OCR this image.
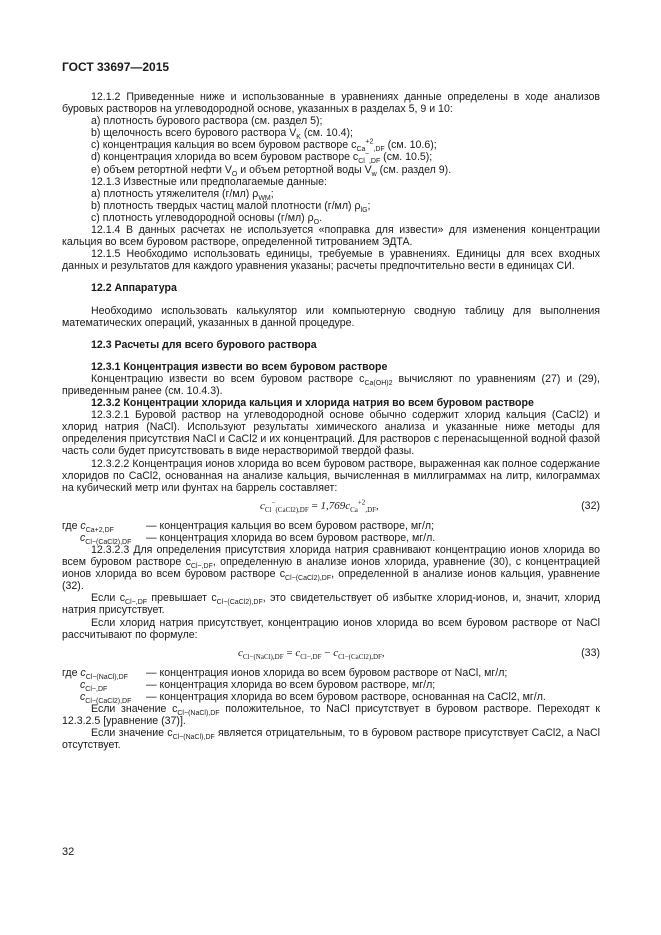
ГОСТ 33697—2015

12.1.2 Приведенные ниже и использованные в уравнениях данные определены в ходе анализов буровых растворов на углеводородной основе, указанных в разделах 5, 9 и 10:

a) плотность бурового раствора (см. раздел 5);

b) щелочность всего бурового раствора $V_K$ (см. 10.4);

c) концентрация кальция во всем буровом растворе $c_{Ca}^{+2}_{,DF}$ (см. 10.6);

d) концентрация хлорида во всем буровом растворе $c_{Cl}^-_{,DF}$ (см. 10.5);

e) объем ретортной нефти $V_O$ и объем ретортной воды $V_w$ (см. раздел 9).

12.1.3 Известные или предполагаемые данные:

a) плотность утяжелителя (г/мл) $\rho_{WM}$;

b) плотность твердых частиц малой плотности (г/мл) $\rho_{lG}$;

c) плотность углеводородной основы (г/мл) $\rho_O$.

12.1.4 В данных расчетах не используется «поправка для извести» для изменения концентрации кальция во всем буровом растворе, определенной титрованием ЭДТА.

12.1.5 Необходимо использовать единицы, требуемые в уравнениях. Единицы для всех входных данных и результатов для каждого уравнения указаны; расчеты предпочтительно вести в единицах СИ.

12.2 Аппаратура

Необходимо использовать калькулятор или компьютерную сводную таблицу для выполнения математических операций, указанных в данной процедуре.

12.3 Расчеты для всего бурового раствора

12.3.1 Концентрация извести во всем буровом растворе

Концентрацию извести во всем буровом растворе $c_{Ca(OH)2}$ вычисляют по уравнениям (27) и (29), приведенным ранее (см. 10.4.3).

12.3.2 Концентрации хлорида кальция и хлорида натрия во всем буровом растворе

12.3.2.1 Буровой раствор на углеводородной основе обычно содержит хлорид кальция (CaCl2) и хлорид натрия (NaCl). Используют результаты химического анализа и указанные ниже методы для определения присутствия NaCl и CaCl2 и их концентраций. Для растворов с перенасыщенной водной фазой часть соли будет присутствовать в виде нерастворимой твердой фазы.

12.3.2.2 Концентрация ионов хлорида во всем буровом растворе, выраженная как полное содержание хлоридов по CaCl2, основанная на анализе кальция, вычисленная в миллиграммах на литр, килограммах на кубический метр или фунтах на баррель составляет:

$c_{Cl}^-_{(CaCl2),DF} = 1,769c_{Ca}^{+2}_{,DF}$,	(32)
где $c_{Ca+2,DF}$	— концентрация кальция во всем буровом растворе, мг/л;
$c_{Cl-(CaCl2),DF}$	— концентрация хлорида во всем буровом растворе, мг/л.

12.3.2.3 Для определения присутствия хлорида натрия сравнивают концентрацию ионов хлорида во всем буровом растворе $c_{Cl-,DF}$, определенную в анализе ионов хлорида, уравнение (30), с концентрацией ионов хлорида во всем буровом растворе $c_{Cl-(CaCl2),DF}$, определенной в анализе ионов кальция, уравнение (32).

Если $c_{Cl-,DF}$ превышает $c_{Cl-(CaCl2),DF}$, это свидетельствует об избытке хлорид-ионов, и, значит, хлорид натрия присутствует.

Если хлорид натрия присутствует, концентрацию ионов хлорида во всем буровом растворе от NaCl рассчитывают по формуле:

$c_{Cl-(NaCl),DF} = c_{Cl-,DF} - c_{Cl-(CaCl2),DF}$,	(33)
где $c_{Cl-(NaCl),DF}$	— концентрация ионов хлорида во всем буровом растворе от NaCl, мг/л;
$c_{Cl-,DF}$	— концентрация хлорида во всем буровом растворе, мг/л;
$c_{Cl-(CaCl2),DF}$	— концентрация хлорида во всем буровом растворе, основанная на CaCl2, мг/л.

Если значение $c_{Cl-(NaCl),DF}$ положительное, то NaCl присутствует в буровом растворе. Переходят к 12.3.2.5 [уравнение (37)].

Если значение $c_{Cl-(NaCl),DF}$ является отрицательным, то в буровом растворе присутствует CaCl2, а NaCl отсутствует.

32
